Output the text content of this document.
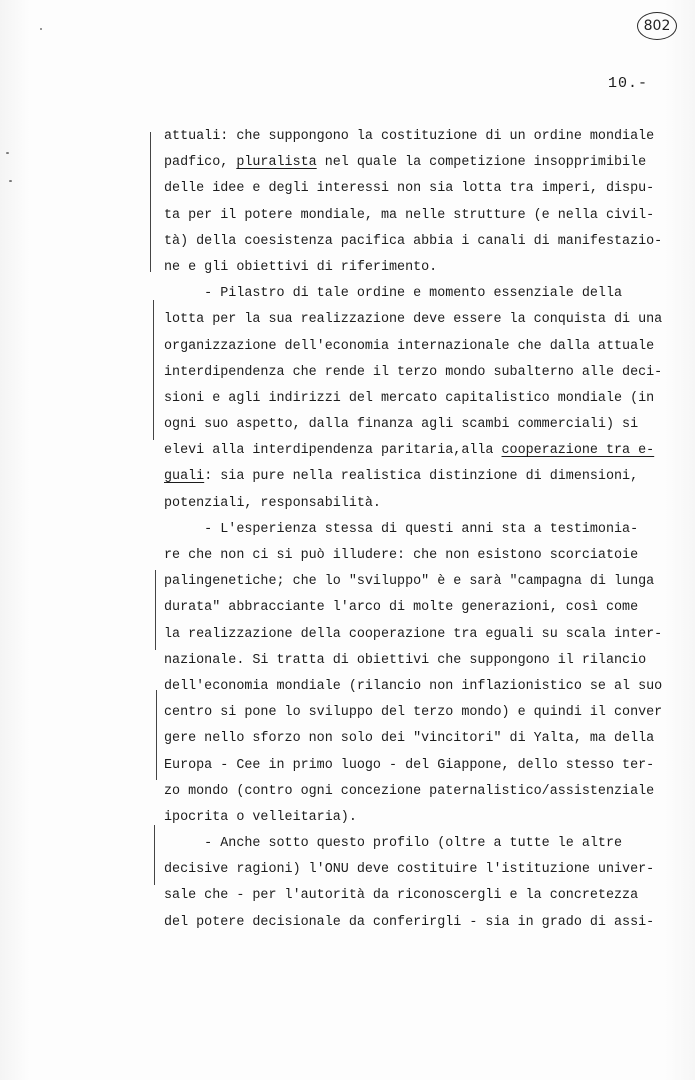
802
10.-
attuali: che suppongono la costituzione di un ordine mondiale
padfico, pluralista nel quale la competizione insopprimibile
delle idee e degli interessi non sia lotta tra imperi, dispu-
ta per il potere mondiale, ma nelle strutture (e nella civil-
tà) della coesistenza pacifica abbia i canali di manifestazio-
ne e gli obiettivi di riferimento.
- Pilastro di tale ordine e momento essenziale della
lotta per la sua realizzazione deve essere la conquista di una
organizzazione dell'economia internazionale che dalla attuale
interdipendenza che rende il terzo mondo subalterno alle deci-
sioni e agli indirizzi del mercato capitalistico mondiale (in
ogni suo aspetto, dalla finanza agli scambi commerciali) si
elevi alla interdipendenza paritaria,alla cooperazione tra e-
guali: sia pure nella realistica distinzione di dimensioni,
potenziali, responsabilità.
- L'esperienza stessa di questi anni sta a testimonia-
re che non ci si può illudere: che non esistono scorciatoie
palingenetiche; che lo "sviluppo" è e sarà "campagna di lunga
durata" abbracciante l'arco di molte generazioni, così come
la realizzazione della cooperazione tra eguali su scala inter-
nazionale. Si tratta di obiettivi che suppongono il rilancio
dell'economia mondiale (rilancio non inflazionistico se al suo
centro si pone lo sviluppo del terzo mondo) e quindi il conver
gere nello sforzo non solo dei "vincitori" di Yalta, ma della
Europa - Cee in primo luogo - del Giappone, dello stesso ter-
zo mondo (contro ogni concezione paternalistico/assistenziale
ipocrita o velleitaria).
- Anche sotto questo profilo (oltre a tutte le altre
decisive ragioni) l'ONU deve costituire l'istituzione univer-
sale che - per l'autorità da riconoscergli e la concretezza
del potere decisionale da conferirgli - sia in grado di assi-
